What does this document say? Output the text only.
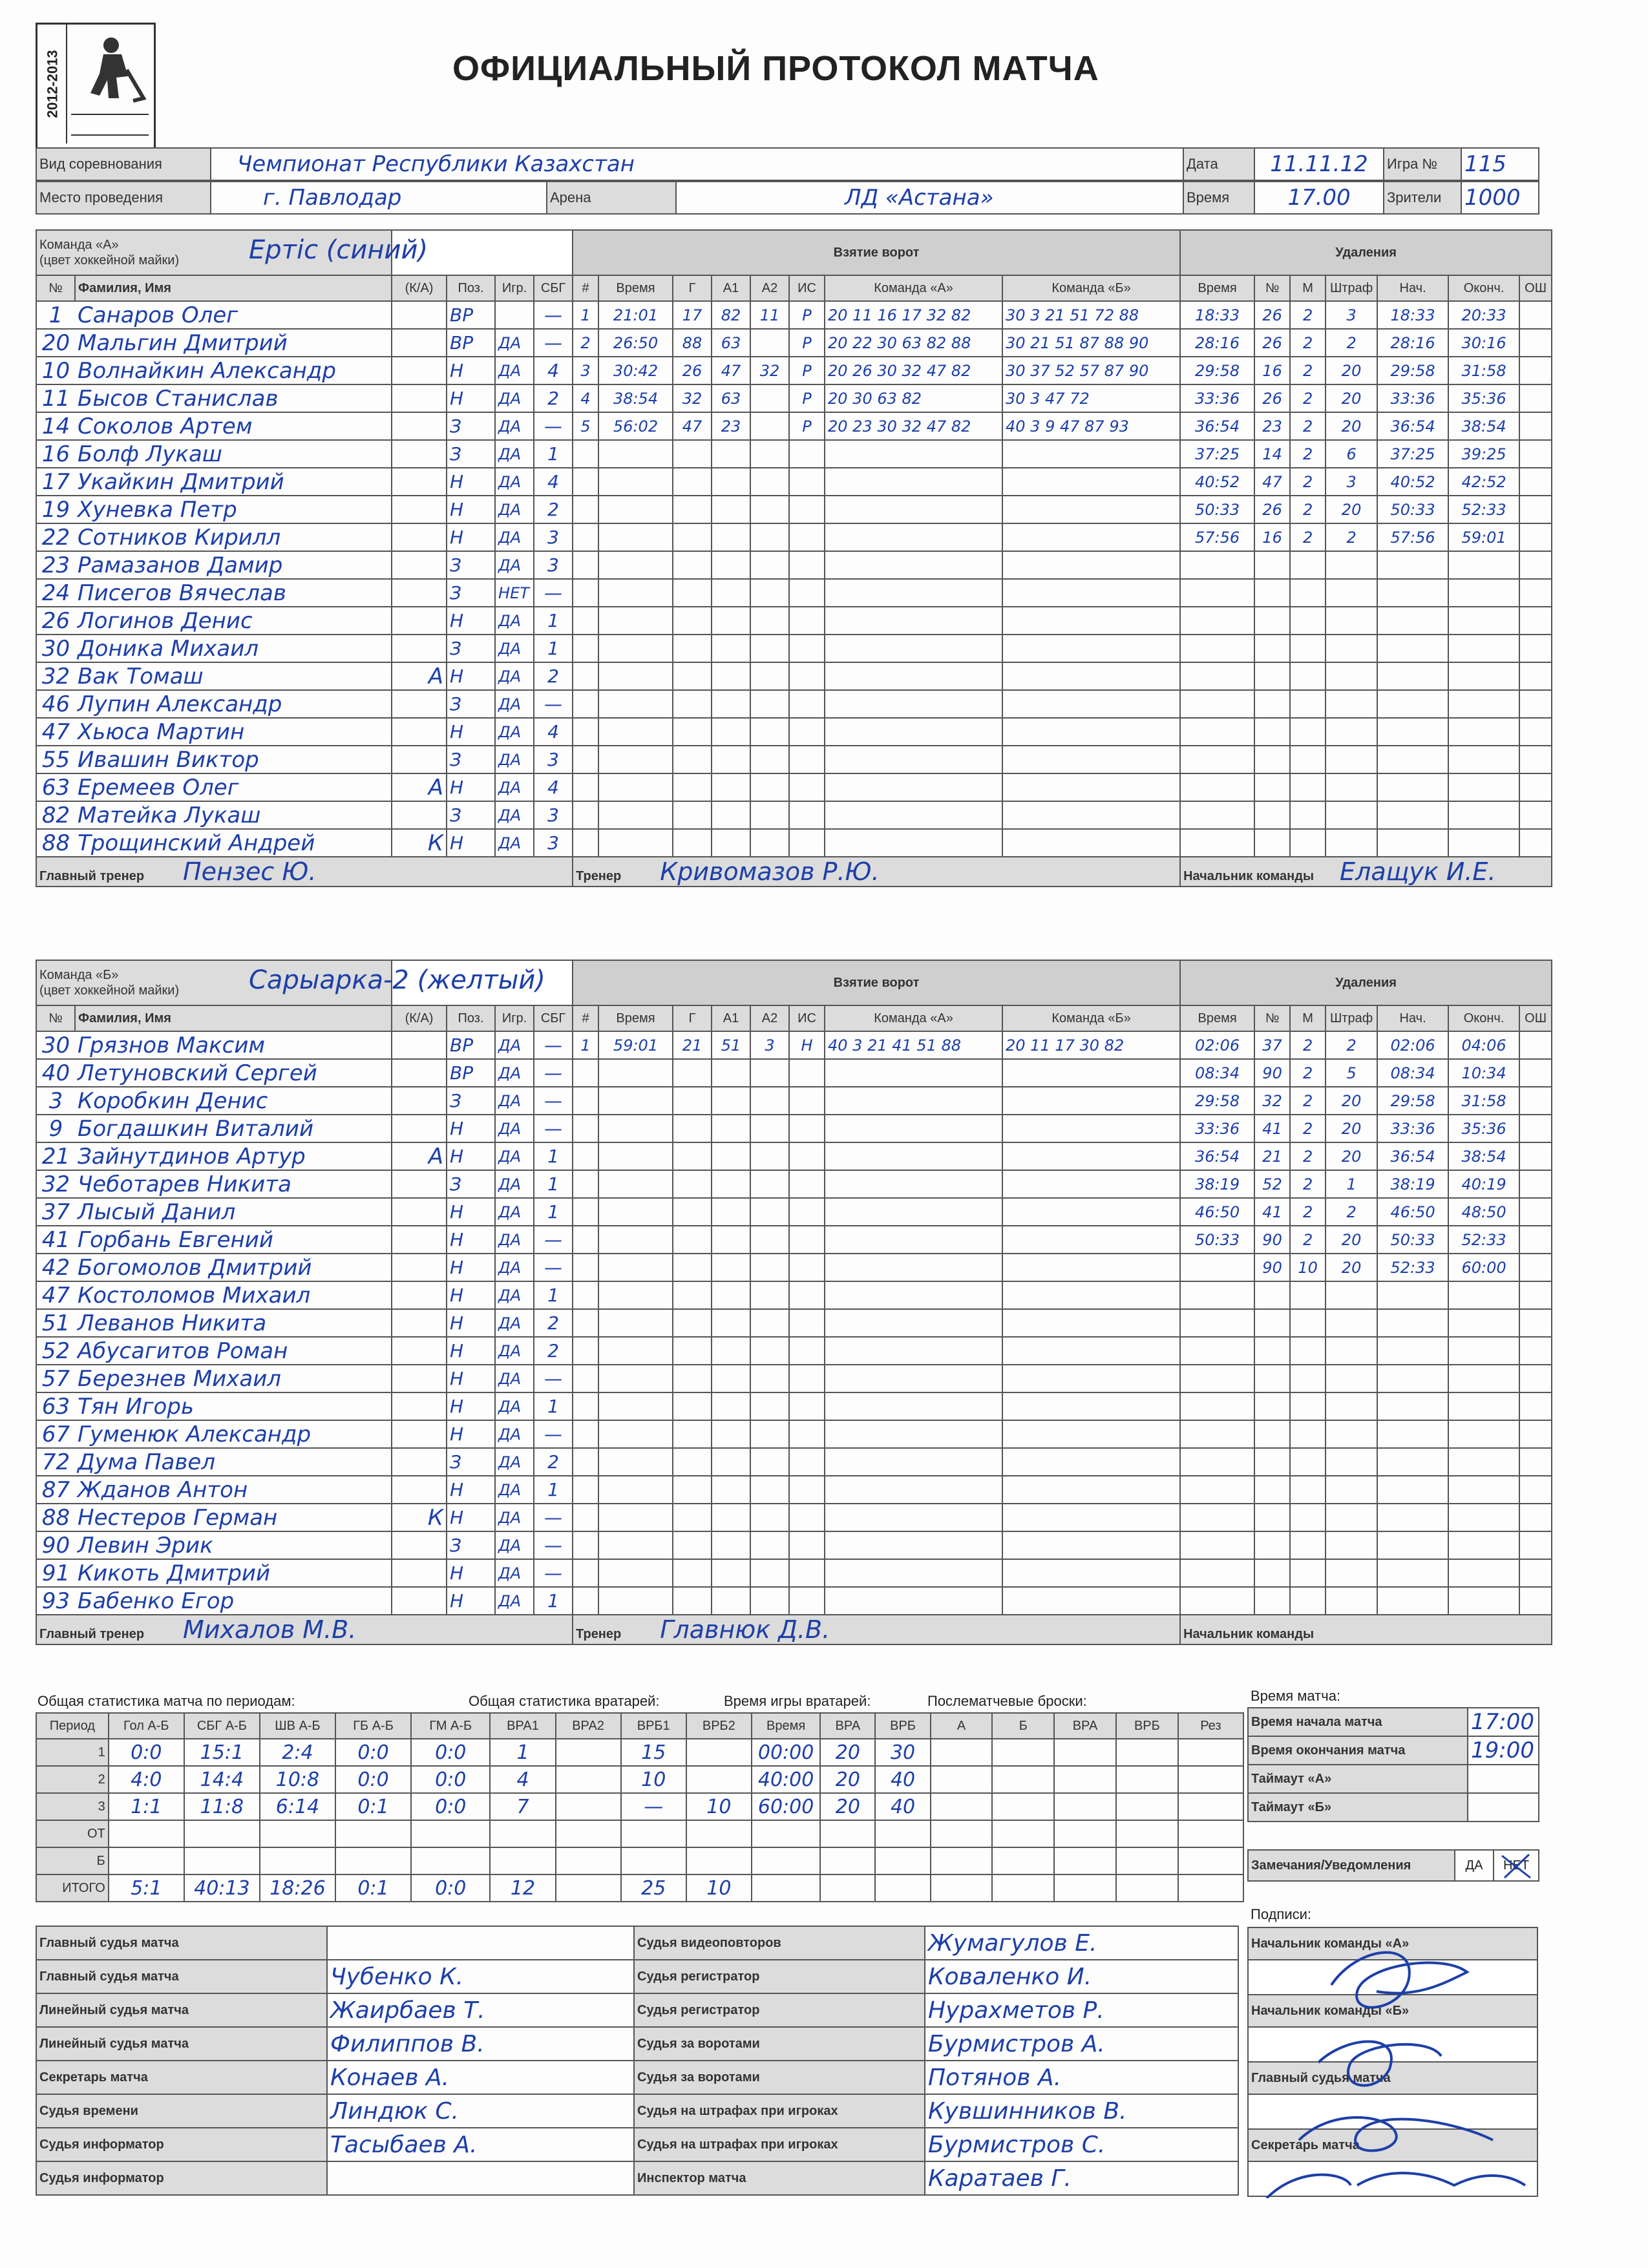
2012-2013	ОФИЦИАЛЬНЫЙ ПРОТОКОЛ МАТЧА
Вид соревнования	Чемпионат Республики Казахстан	Дата	11.11.12	Игра №	115
Место проведения	г. Павлодар	Арена	ЛД «Астана»	Время	17.00	Зрители	1000
Команда «А»
(цвет хоккейной майки) Ертіс (синий)						Взятие ворот								Удаления						
№	Фамилия, Имя	(К/А)	Поз.	Игр.	СБГ	#	Время	Г	А1	А2	ИС	Команда «А»	Команда «Б»	Время	№	М	Штраф	Нач.	Оконч.	ОШ
1	Санаров Олег		ВР		—	1	21:01	17	82	11	Р	20 11 16 17 32 82	30 3 21 51 72 88	18:33	26	2	3	18:33	20:33	
20	Мальгин Дмитрий		ВР	ДА	—	2	26:50	88	63		Р	20 22 30 63 82 88	30 21 51 87 88 90	28:16	26	2	2	28:16	30:16	
10	Волнайкин Александр		Н	ДА	4	3	30:42	26	47	32	Р	20 26 30 32 47 82	30 37 52 57 87 90	29:58	16	2	20	29:58	31:58	
11	Бысов Станислав		Н	ДА	2	4	38:54	32	63		Р	20 30 63 82	30 3 47 72	33:36	26	2	20	33:36	35:36	
14	Соколов Артем		З	ДА	—	5	56:02	47	23		Р	20 23 30 32 47 82	40 3 9 47 87 93	36:54	23	2	20	36:54	38:54	
16	Болф Лукаш		З	ДА	1									37:25	14	2	6	37:25	39:25	
17	Укайкин Дмитрий		Н	ДА	4									40:52	47	2	3	40:52	42:52	
19	Хуневка Петр		Н	ДА	2									50:33	26	2	20	50:33	52:33	
22	Сотников Кирилл		Н	ДА	3									57:56	16	2	2	57:56	59:01	
23	Рамазанов Дамир		З	ДА	3															
24	Писегов Вячеслав		З	НЕТ	—															
26	Логинов Денис		Н	ДА	1															
30	Доника Михаил		З	ДА	1															
32	Вак Томаш	А	Н	ДА	2															
46	Лупин Александр		З	ДА	—															
47	Хьюса Мартин		Н	ДА	4															
55	Ивашин Виктор		З	ДА	3															
63	Еремеев Олег	А	Н	ДА	4															
82	Матейка Лукаш		З	ДА	3															
88	Трощинский Андрей	К	Н	ДА	3															
Главный тренер Пензес Ю.						Тренер Кривомазов Р.Ю.								Начальник команды Елащук И.Е.						
Команда «Б»
(цвет хоккейной майки) Сарыарка-2 (желтый)						Взятие ворот								Удаления						
№	Фамилия, Имя	(К/А)	Поз.	Игр.	СБГ	#	Время	Г	А1	А2	ИС	Команда «А»	Команда «Б»	Время	№	М	Штраф	Нач.	Оконч.	ОШ
30	Грязнов Максим		ВР	ДА	—	1	59:01	21	51	3	Н	40 3 21 41 51 88	20 11 17 30 82	02:06	37	2	2	02:06	04:06	
40	Летуновский Сергей		ВР	ДА	—									08:34	90	2	5	08:34	10:34	
3	Коробкин Денис		З	ДА	—									29:58	32	2	20	29:58	31:58	
9	Богдашкин Виталий		Н	ДА	—									33:36	41	2	20	33:36	35:36	
21	Зайнутдинов Артур	А	Н	ДА	1									36:54	21	2	20	36:54	38:54	
32	Чеботарев Никита		З	ДА	1									38:19	52	2	1	38:19	40:19	
37	Лысый Данил		Н	ДА	1									46:50	41	2	2	46:50	48:50	
41	Горбань Евгений		Н	ДА	—									50:33	90	2	20	50:33	52:33	
42	Богомолов Дмитрий		Н	ДА	—										90	10	20	52:33	60:00	
47	Костоломов Михаил		Н	ДА	1															
51	Леванов Никита		Н	ДА	2															
52	Абусагитов Роман		Н	ДА	2															
57	Березнев Михаил		Н	ДА	—															
63	Тян Игорь		Н	ДА	1															
67	Гуменюк Александр		Н	ДА	—															
72	Дума Павел		З	ДА	2															
87	Жданов Антон		Н	ДА	1															
88	Нестеров Герман	К	Н	ДА	—															
90	Левин Эрик		З	ДА	—															
91	Кикоть Дмитрий		Н	ДА	—															
93	Бабенко Егор		Н	ДА	1															
Главный тренер Михалов М.В.						Тренер Главнюк Д.В.								Начальник команды						
Общая статистика матча по периодам:	Общая статистика вратарей:	Время игры вратарей:	Послематчевые броски:	Время матча:
Период	Гол А-Б	СБГ А-Б	ШВ А-Б	ГБ А-Б	ГМ А-Б	ВРА1	ВРА2	ВРБ1	ВРБ2	Время	ВРА	ВРБ	А	Б	ВРА	ВРБ	Рез
1	0:0	15:1	2:4	0:0	0:0	1		15		00:00	20	30					
2	4:0	14:4	10:8	0:0	0:0	4		10		40:00	20	40					
3	1:1	11:8	6:14	0:1	0:0	7		—	10	60:00	20	40					
ОТ																	
Б																	
ИТОГО	5:1	40:13	18:26	0:1	0:0	12		25	10								
Время начала матча	17:00
Время окончания матча	19:00
Таймаут «А»	
Таймаут «Б»	
Замечания/Уведомления	ДА	НЕТ
Главный судья матча		Судья видеоповторов	Жумагулов Е.
Главный судья матча	Чубенко К.	Судья регистратор	Коваленко И.
Линейный судья матча	Жаирбаев Т.	Судья регистратор	Нурахметов Р.
Линейный судья матча	Филиппов В.	Судья за воротами	Бурмистров А.
Секретарь матча	Конаев А.	Судья за воротами	Потянов А.
Судья времени	Линдюк С.	Судья на штрафах при игроках	Кувшинников В.
Судья информатор	Тасыбаев А.	Судья на штрафах при игроках	Бурмистров С.
Судья информатор		Инспектор матча	Каратаев Г.
Подписи:
Начальник команды «А»

Начальник команды «Б»

Главный судья матча

Секретарь матча
